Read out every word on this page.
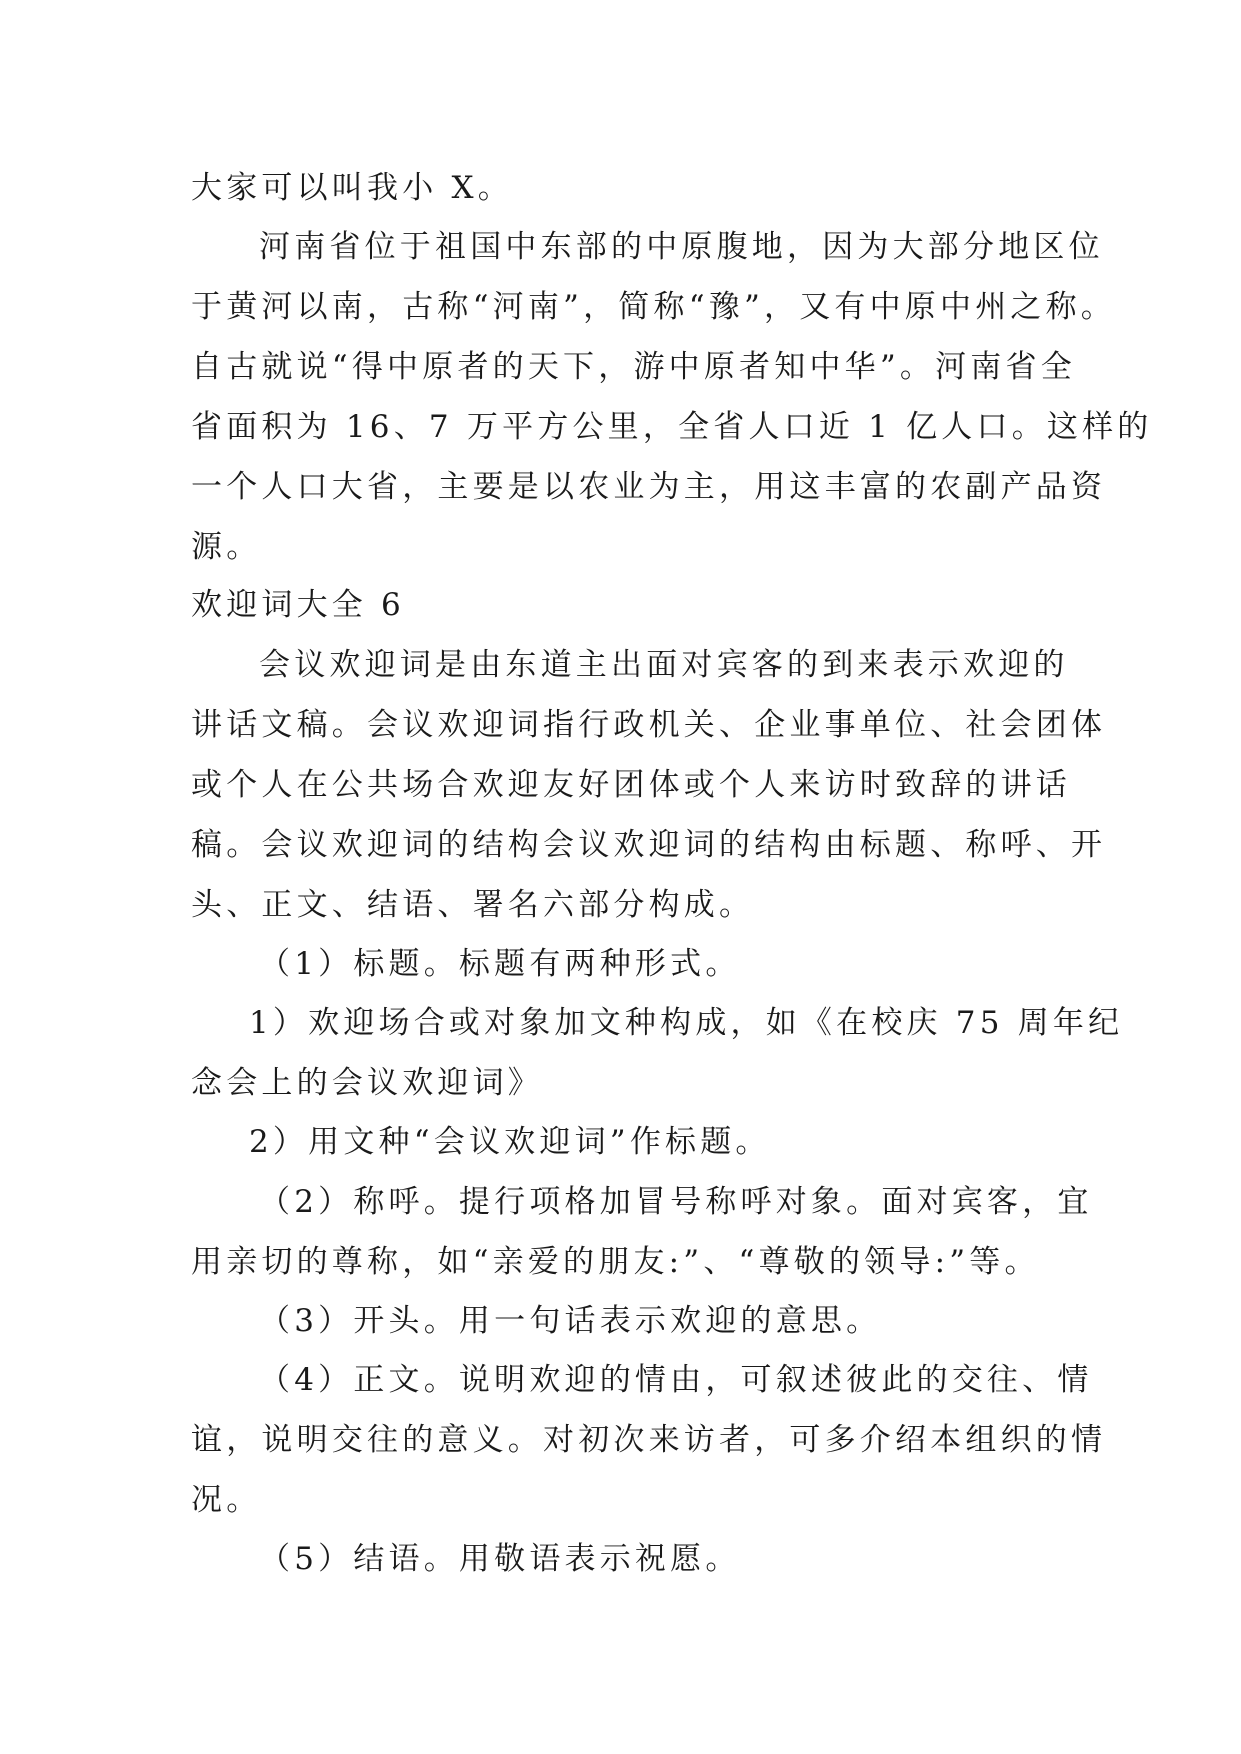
大家可以叫我小 X。
河南省位于祖国中东部的中原腹地，因为大部分地区位
于黄河以南，古称“河南”，简称“豫”，又有中原中州之称。
自古就说“得中原者的天下，游中原者知中华”。河南省全
省面积为 16、7 万平方公里，全省人口近 1 亿人口。这样的
一个人口大省，主要是以农业为主，用这丰富的农副产品资
源。
欢迎词大全 6
会议欢迎词是由东道主出面对宾客的到来表示欢迎的
讲话文稿。会议欢迎词指行政机关、企业事单位、社会团体
或个人在公共场合欢迎友好团体或个人来访时致辞的讲话
稿。会议欢迎词的结构会议欢迎词的结构由标题、称呼、开
头、正文、结语、署名六部分构成。
（1）标题。标题有两种形式。
1）欢迎场合或对象加文种构成，如《在校庆 75 周年纪
念会上的会议欢迎词》
2）用文种“会议欢迎词”作标题。
（2）称呼。提行项格加冒号称呼对象。面对宾客，宜
用亲切的尊称，如“亲爱的朋友:”、“尊敬的领导:”等。
（3）开头。用一句话表示欢迎的意思。
（4）正文。说明欢迎的情由，可叙述彼此的交往、情
谊，说明交往的意义。对初次来访者，可多介绍本组织的情
况。
（5）结语。用敬语表示祝愿。
